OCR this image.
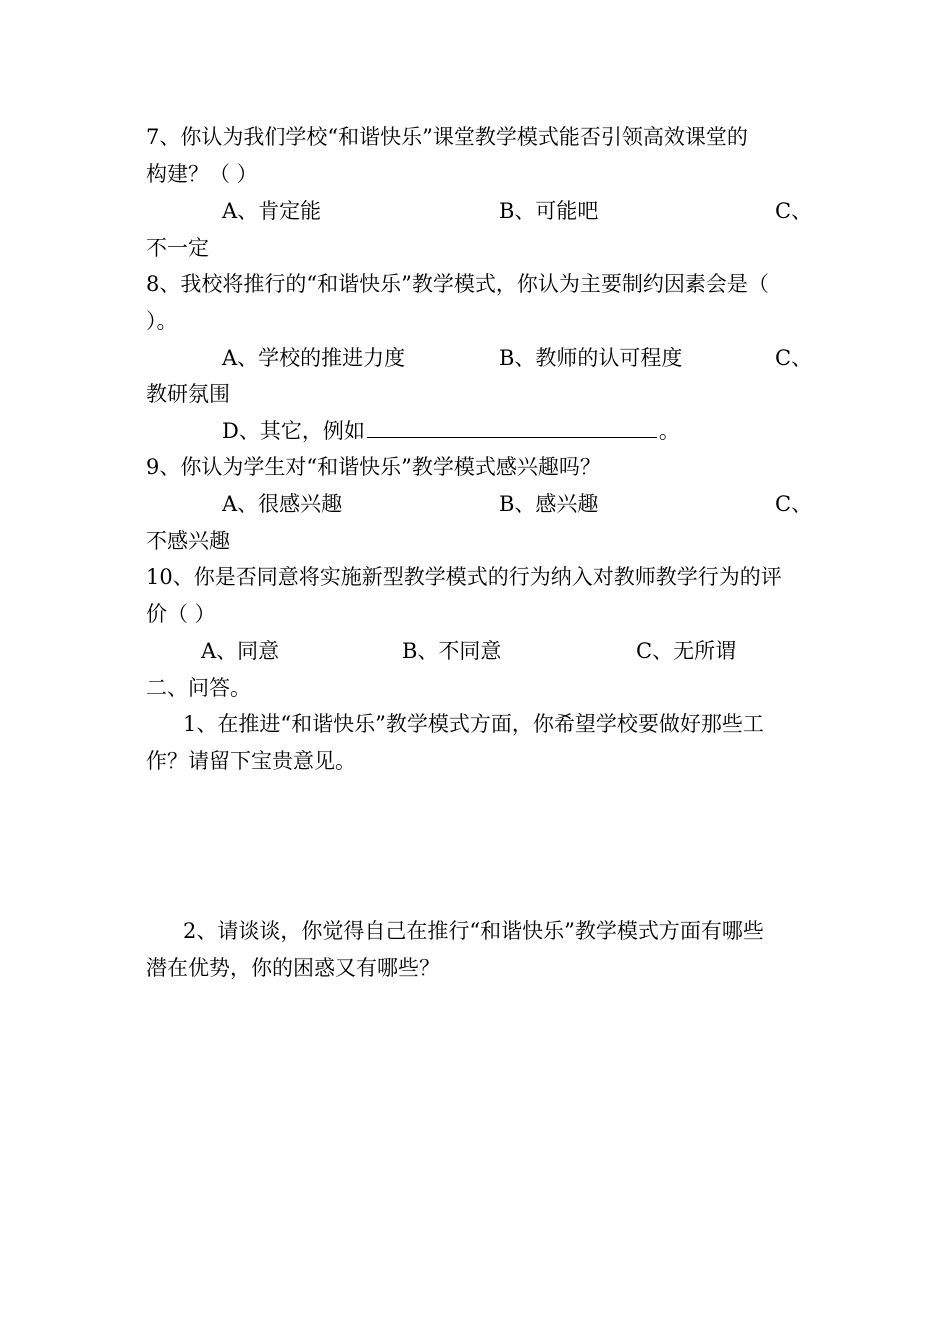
7、你认为我们学校“和谐快乐”课堂教学模式能否引领高效课堂的
构建？（ ）
A、肯定能	B、可能吧	C、
不一定
8、我校将推行的“和谐快乐”教学模式，你认为主要制约因素会是（
）。
A、学校的推进力度	B、教师的认可程度	C、
教研氛围
D、其它，例如	。
9、你认为学生对“和谐快乐”教学模式感兴趣吗？
A、很感兴趣	B、感兴趣	C、
不感兴趣
10、你是否同意将实施新型教学模式的行为纳入对教师教学行为的评
价（ ）
A、同意	B、不同意	C、无所谓
二、问答。
1、在推进“和谐快乐”教学模式方面，你希望学校要做好那些工
作？请留下宝贵意见。
2、请谈谈，你觉得自己在推行“和谐快乐”教学模式方面有哪些
潜在优势，你的困惑又有哪些？
